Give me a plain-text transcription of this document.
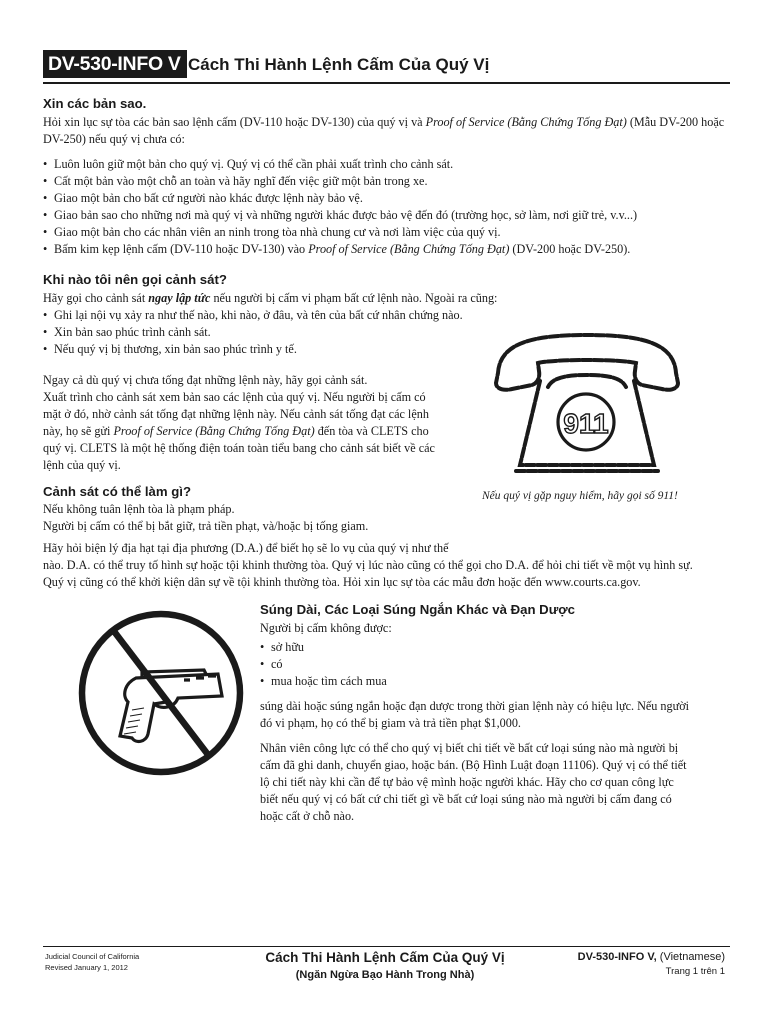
DV-530-INFO V Cách Thi Hành Lệnh Cấm Của Quý Vị
Xin các bản sao.
Hỏi xin lục sự tòa các bản sao lệnh cấm (DV-110 hoặc DV-130) của quý vị và Proof of Service (Bằng Chứng Tống Đạt) (Mẫu DV-200 hoặc DV-250) nếu quý vị chưa có:
• Luôn luôn giữ một bản cho quý vị. Quý vị có thể cần phải xuất trình cho cảnh sát.
• Cất một bản vào một chỗ an toàn và hãy nghĩ đến việc giữ một bản trong xe.
• Giao một bản cho bất cứ người nào khác được lệnh này bảo vệ.
• Giao bản sao cho những nơi mà quý vị và những người khác được bảo vệ đến đó (trường học, sở làm, nơi giữ trẻ, v.v...)
• Giao một bản cho các nhân viên an ninh trong tòa nhà chung cư và nơi làm việc của quý vị.
• Bấm kim kẹp lệnh cấm (DV-110 hoặc DV-130) vào Proof of Service (Bằng Chứng Tống Đạt) (DV-200 hoặc DV-250).
Khi nào tôi nên gọi cảnh sát?
Hãy gọi cho cảnh sát ngay lập tức nếu người bị cấm vi phạm bất cứ lệnh nào. Ngoài ra cũng:
• Ghi lại nội vụ xảy ra như thế nào, khi nào, ở đâu, và tên của bất cứ nhân chứng nào.
• Xin bản sao phúc trình cảnh sát.
• Nếu quý vị bị thương, xin bản sao phúc trình y tế.
Ngay cả dù quý vị chưa tống đạt những lệnh này, hãy gọi cảnh sát.
Xuất trình cho cảnh sát xem bản sao các lệnh của quý vị. Nếu người bị cấm có
mặt ở đó, nhờ cảnh sát tống đạt những lệnh này. Nếu cảnh sát tống đạt các lệnh
này, họ sẽ gửi Proof of Service (Bằng Chứng Tống Đạt) đến tòa và CLETS cho
quý vị. CLETS là một hệ thống điện toán toàn tiểu bang cho cảnh sát biết về các
lệnh của quý vị.
911
Nếu quý vị gặp nguy hiểm, hãy gọi số 911!
Cảnh sát có thể làm gì?
Nếu không tuân lệnh tòa là phạm pháp.
Người bị cấm có thể bị bắt giữ, trả tiền phạt, và/hoặc bị tống giam.
Hãy hỏi biện lý địa hạt tại địa phương (D.A.) để biết họ sẽ lo vụ của quý vị như thế
nào. D.A. có thể truy tố hình sự hoặc tội khinh thường tòa. Quý vị lúc nào cũng có thể gọi cho D.A. để hỏi chi tiết về một vụ hình sự.
Quý vị cũng có thể khởi kiện dân sự về tội khinh thường tòa. Hỏi xin lục sự tòa các mẫu đơn hoặc đến www.courts.ca.gov.
Súng Dài, Các Loại Súng Ngắn Khác và Đạn Dược
Người bị cấm không được:
• sở hữu
• có
• mua hoặc tìm cách mua
súng dài hoặc súng ngắn hoặc đạn dược trong thời gian lệnh này có hiệu lực. Nếu người
đó vi phạm, họ có thể bị giam và trả tiền phạt $1,000.
Nhân viên công lực có thể cho quý vị biết chi tiết về bất cứ loại súng nào mà người bị
cấm đã ghi danh, chuyển giao, hoặc bán. (Bộ Hình Luật đoạn 11106). Quý vị có thể tiết
lộ chi tiết này khi cần để tự bảo vệ mình hoặc người khác. Hãy cho cơ quan công lực
biết nếu quý vị có bất cứ chi tiết gì về bất cứ loại súng nào mà người bị cấm đang có
hoặc cất ở chỗ nào.
Judicial Council of California
Revised January 1, 2012
Cách Thi Hành Lệnh Cấm Của Quý Vị
(Ngăn Ngừa Bạo Hành Trong Nhà)
DV-530-INFO V, (Vietnamese)
Trang 1 trên 1
